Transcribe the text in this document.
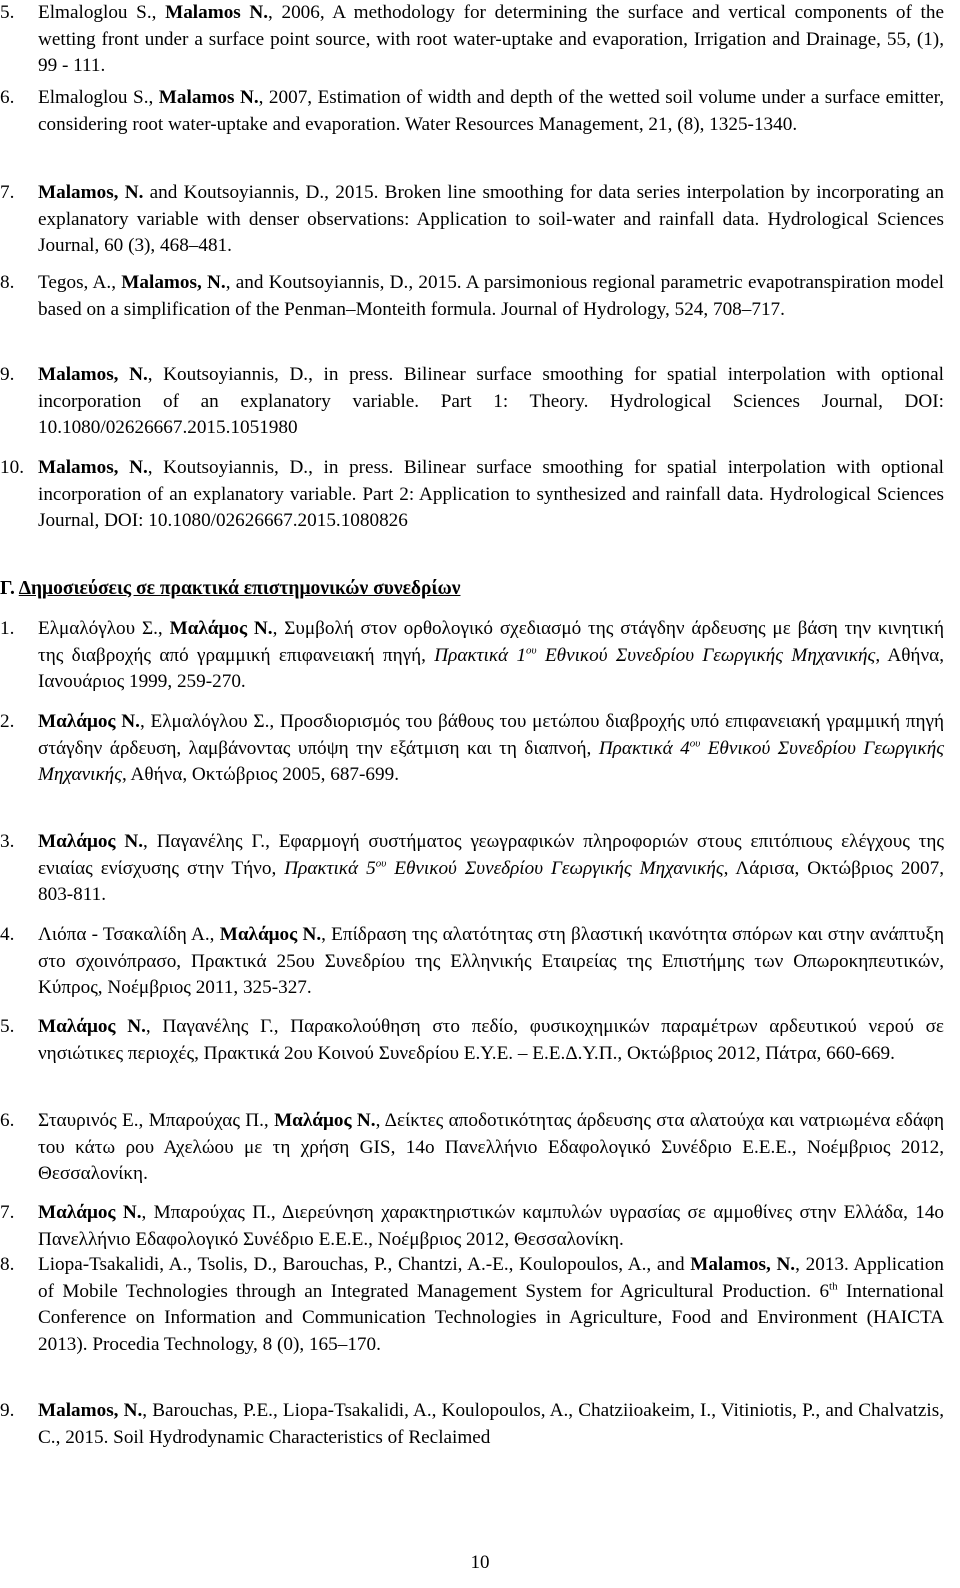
5. Elmaloglou S., Malamos N., 2006, A methodology for determining the surface and vertical components of the wetting front under a surface point source, with root water-uptake and evaporation, Irrigation and Drainage, 55, (1), 99 - 111.
6. Elmaloglou S., Malamos N., 2007, Estimation of width and depth of the wetted soil volume under a surface emitter, considering root water-uptake and evaporation. Water Resources Management, 21, (8), 1325-1340.
7. Malamos, N. and Koutsoyiannis, D., 2015. Broken line smoothing for data series interpolation by incorporating an explanatory variable with denser observations: Application to soil-water and rainfall data. Hydrological Sciences Journal, 60 (3), 468–481.
8. Tegos, A., Malamos, N., and Koutsoyiannis, D., 2015. A parsimonious regional parametric evapotranspiration model based on a simplification of the Penman–Monteith formula. Journal of Hydrology, 524, 708–717.
9. Malamos, N., Koutsoyiannis, D., in press. Bilinear surface smoothing for spatial interpolation with optional incorporation of an explanatory variable. Part 1: Theory. Hydrological Sciences Journal, DOI: 10.1080/02626667.2015.1051980
10. Malamos, N., Koutsoyiannis, D., in press. Bilinear surface smoothing for spatial interpolation with optional incorporation of an explanatory variable. Part 2: Application to synthesized and rainfall data. Hydrological Sciences Journal, DOI: 10.1080/02626667.2015.1080826
Γ. Δημοσιεύσεις σε πρακτικά επιστημονικών συνεδρίων
1.	Ελμαλόγλου Σ., Μαλάμος Ν., Συμβολή στον ορθολογικό σχεδιασμό της στάγδην άρδευσης με βάση την κινητική της διαβροχής από γραμμική επιφανειακή πηγή, Πρακτικά $1^{o\upsilon}$ Εθνικού Συνεδρίου Γεωργικής Μηχανικής, Αθήνα, Ιανουάριος 1999, 259-270.
2.	Μαλάμος Ν., Ελμαλόγλου Σ., Προσδιορισμός του βάθους του μετώπου διαβροχής υπό επιφανειακή γραμμική πηγή στάγδην άρδευση, λαμβάνοντας υπόψη την εξάτμιση και τη διαπνοή, Πρακτικά $4^{o\upsilon}$ Εθνικού Συνεδρίου Γεωργικής Μηχανικής, Αθήνα, Οκτώβριος 2005, 687-699.
3.	Μαλάμος Ν., Παγανέλης Γ., Εφαρμογή συστήματος γεωγραφικών πληροφοριών στους επιτόπιους ελέγχους της ενιαίας ενίσχυσης στην Τήνο, Πρακτικά $5^{o\upsilon}$ Εθνικού Συνεδρίου Γεωργικής Μηχανικής, Λάρισα, Οκτώβριος 2007, 803-811.
4.	Λιόπα - Τσακαλίδη Α., Μαλάμος Ν., Επίδραση της αλατότητας στη βλαστική ικανότητα σπόρων και στην ανάπτυξη στο σχοινόπρασο, Πρακτικά 25ου Συνεδρίου της Ελληνικής Εταιρείας της Επιστήμης των Οπωροκηπευτικών, Κύπρος, Νοέμβριος 2011, 325-327.
5.	Μαλάμος Ν., Παγανέλης Γ., Παρακολούθηση στο πεδίο, φυσικοχημικών παραμέτρων αρδευτικού νερού σε νησιώτικες περιοχές, Πρακτικά 2ου Κοινού Συνεδρίου Ε.Υ.Ε. – Ε.Ε.Δ.Υ.Π., Οκτώβριος 2012, Πάτρα, 660-669.
6.	Σταυρινός Ε., Μπαρούχας Π., Μαλάμος Ν., Δείκτες αποδοτικότητας άρδευσης στα αλατούχα και νατριωμένα εδάφη του κάτω ρου Αχελώου με τη χρήση GIS, 14ο Πανελλήνιο Εδαφολογικό Συνέδριο Ε.Ε.Ε., Νοέμβριος 2012, Θεσσαλονίκη.
7.	Μαλάμος Ν., Μπαρούχας Π., Διερεύνηση χαρακτηριστικών καμπυλών υγρασίας σε αμμοθίνες στην Ελλάδα, 14ο Πανελλήνιο Εδαφολογικό Συνέδριο Ε.Ε.Ε., Νοέμβριος 2012, Θεσσαλονίκη.
8.	Liopa-Tsakalidi, A., Tsolis, D., Barouchas, P., Chantzi, A.-E., Koulopoulos, A., and Malamos, N., 2013. Application of Mobile Technologies through an Integrated Management System for Agricultural Production. 6th International Conference on Information and Communication Technologies in Agriculture, Food and Environment (HAICTA 2013). Procedia Technology, 8 (0), 165–170.
9.	Malamos, N., Barouchas, P.E., Liopa-Tsakalidi, A., Koulopoulos, A., Chatziioakeim, I., Vitiniotis, P., and Chalvatzis, C., 2015. Soil Hydrodynamic Characteristics of Reclaimed
10
